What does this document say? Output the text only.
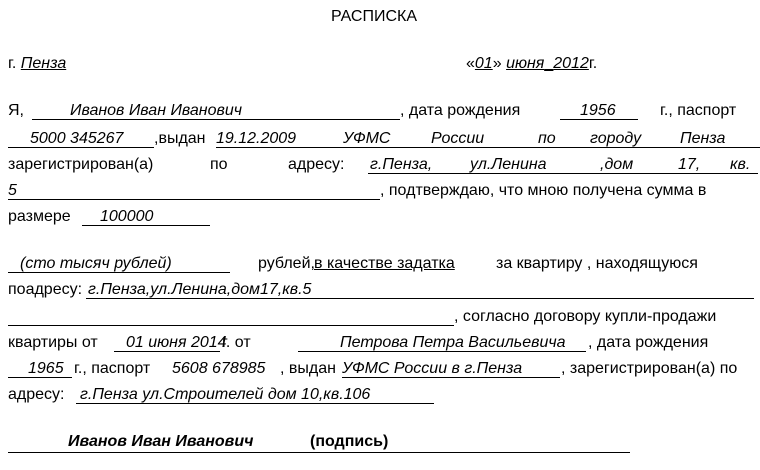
РАСПИСКА
г. Пенза	«01» июня_2012г.
Я,	Иванов Иван Иванович	, дата рождения	1956	г., паспорт
5000 345267 ,выдан 19.12.2009	УФМС	России	по городу Пенза
зарегистрирован(а)	по	адресу: г.Пенза, ул.Ленина	,дом	17, кв.
5	, подтверждаю, что мною получена сумма в
размере 100000
(сто тысяч рублей)	рублей, в качестве задатка	за квартиру , находящуюся
поадресу: г.Пенза,ул.Ленина,дом17,кв.5
, согласно договору купли-продажи
квартиры от 01 июня 2014
г. от	Петрова Петра Васильевича , дата рождения
1965 г., паспорт 5608 678985 , выдан УФМС России в г.Пенза , зарегистрирован(а) по
адресу: г.Пенза ул.Строителей дом 10,кв.106
Иванов Иван Иванович	(подпись)
